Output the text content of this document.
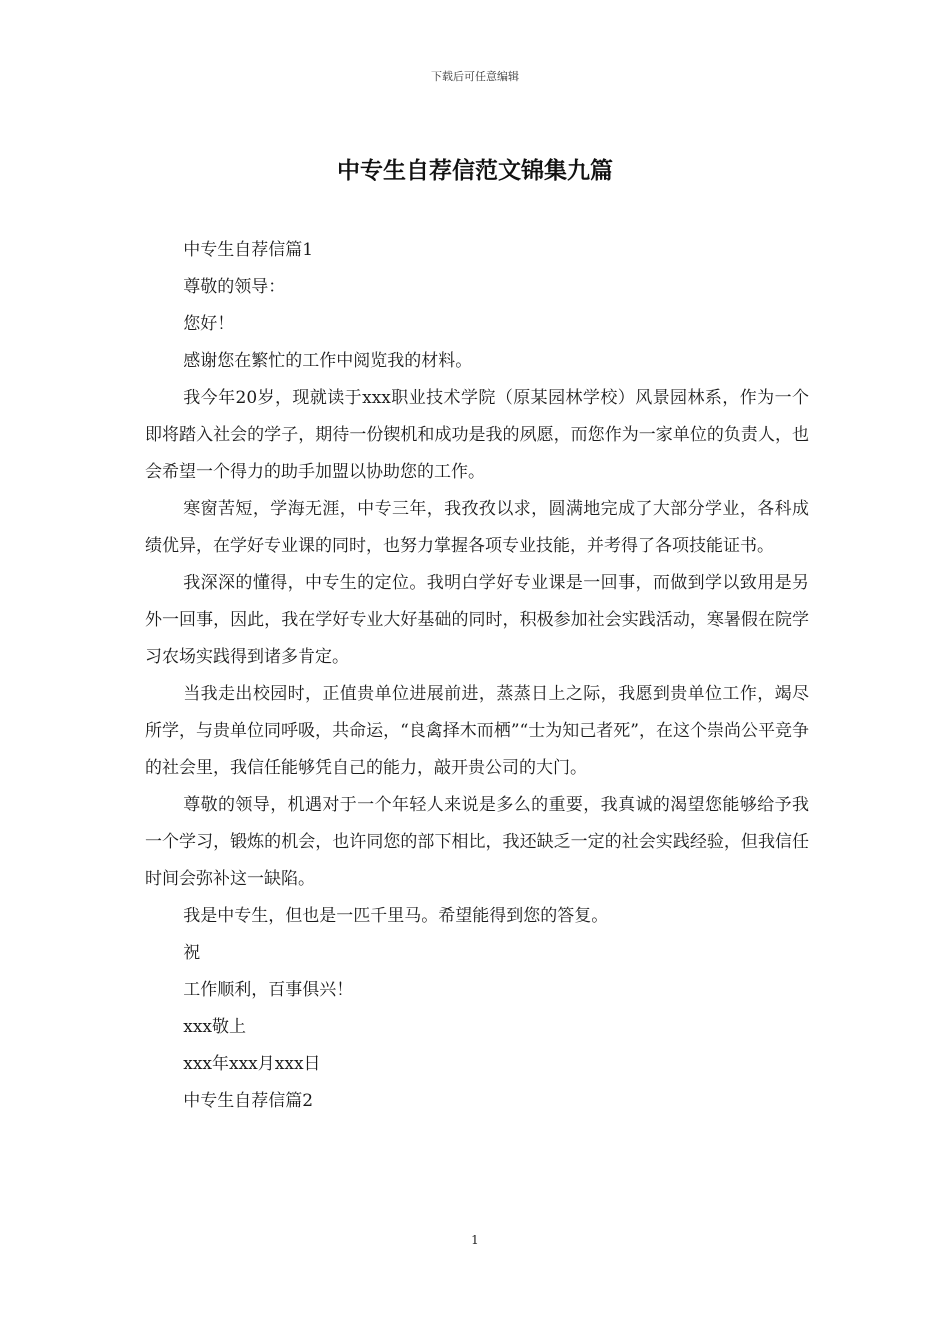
下载后可任意编辑
中专生自荐信范文锦集九篇

中专生自荐信篇1

尊敬的领导：

您好！

感谢您在繁忙的工作中阅览我的材料。

我今年20岁，现就读于xxx职业技术学院（原某园林学校）风景园林系，作为一个即将踏入社会的学子，期待一份锲机和成功是我的夙愿，而您作为一家单位的负责人，也会希望一个得力的助手加盟以协助您的工作。

寒窗苦短，学海无涯，中专三年，我孜孜以求，圆满地完成了大部分学业，各科成绩优异，在学好专业课的同时，也努力掌握各项专业技能，并考得了各项技能证书。

我深深的懂得，中专生的定位。我明白学好专业课是一回事，而做到学以致用是另外一回事，因此，我在学好专业大好基础的同时，积极参加社会实践活动，寒暑假在院学习农场实践得到诸多肯定。

当我走出校园时，正值贵单位进展前进，蒸蒸日上之际，我愿到贵单位工作，竭尽所学，与贵单位同呼吸，共命运，“良禽择木而栖”“士为知己者死”，在这个崇尚公平竞争的社会里，我信任能够凭自己的能力，敲开贵公司的大门。

尊敬的领导，机遇对于一个年轻人来说是多么的重要，我真诚的渴望您能够给予我一个学习，锻炼的机会，也许同您的部下相比，我还缺乏一定的社会实践经验，但我信任时间会弥补这一缺陷。

我是中专生，但也是一匹千里马。希望能得到您的答复。

祝

工作顺利，百事俱兴！

xxx敬上

xxx年xxx月xxx日

中专生自荐信篇2

1
